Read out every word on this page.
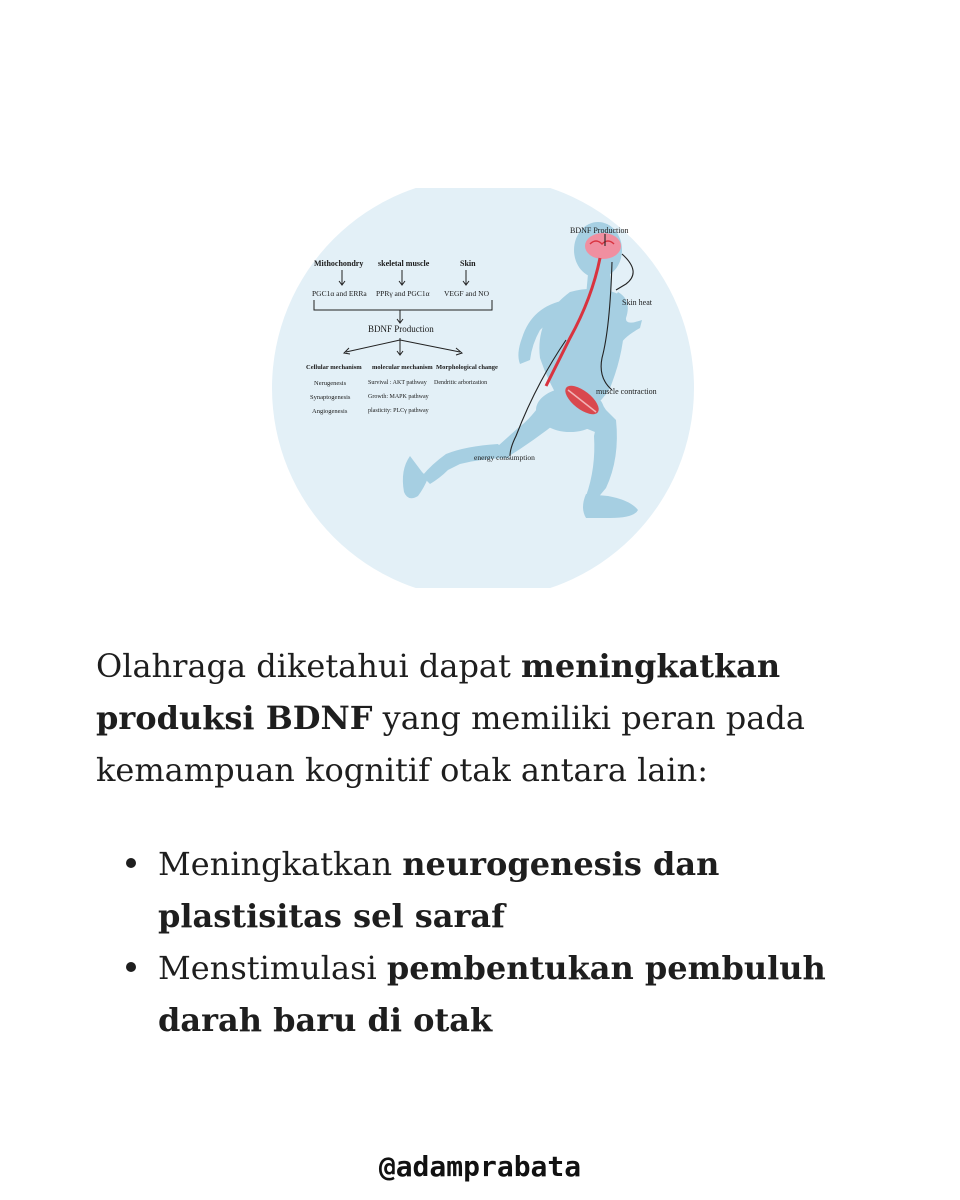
BDNF Production
Skin heat
muscle contraction
energy consumption
Mithochondry skeletal muscle	Skin
PGC1α and ERRa PPRγ and PGC1α VEGF and NO
BDNF Production
Cellular mechanism molecular mechanism Morphological change
Nerugenesis
Synaptogenesis
Angiogenesis
Survival : AKT pathway
Growth: MAPK pathway
plasticity: PLCγ pathway
Dendritic arborization
Olahraga diketahui dapat meningkatkan produksi BDNF yang memiliki peran pada kemampuan kognitif otak antara lain:
Meningkatkan neurogenesis dan plastisitas sel saraf
Menstimulasi pembentukan pembuluh darah baru di otak
@adamprabata
